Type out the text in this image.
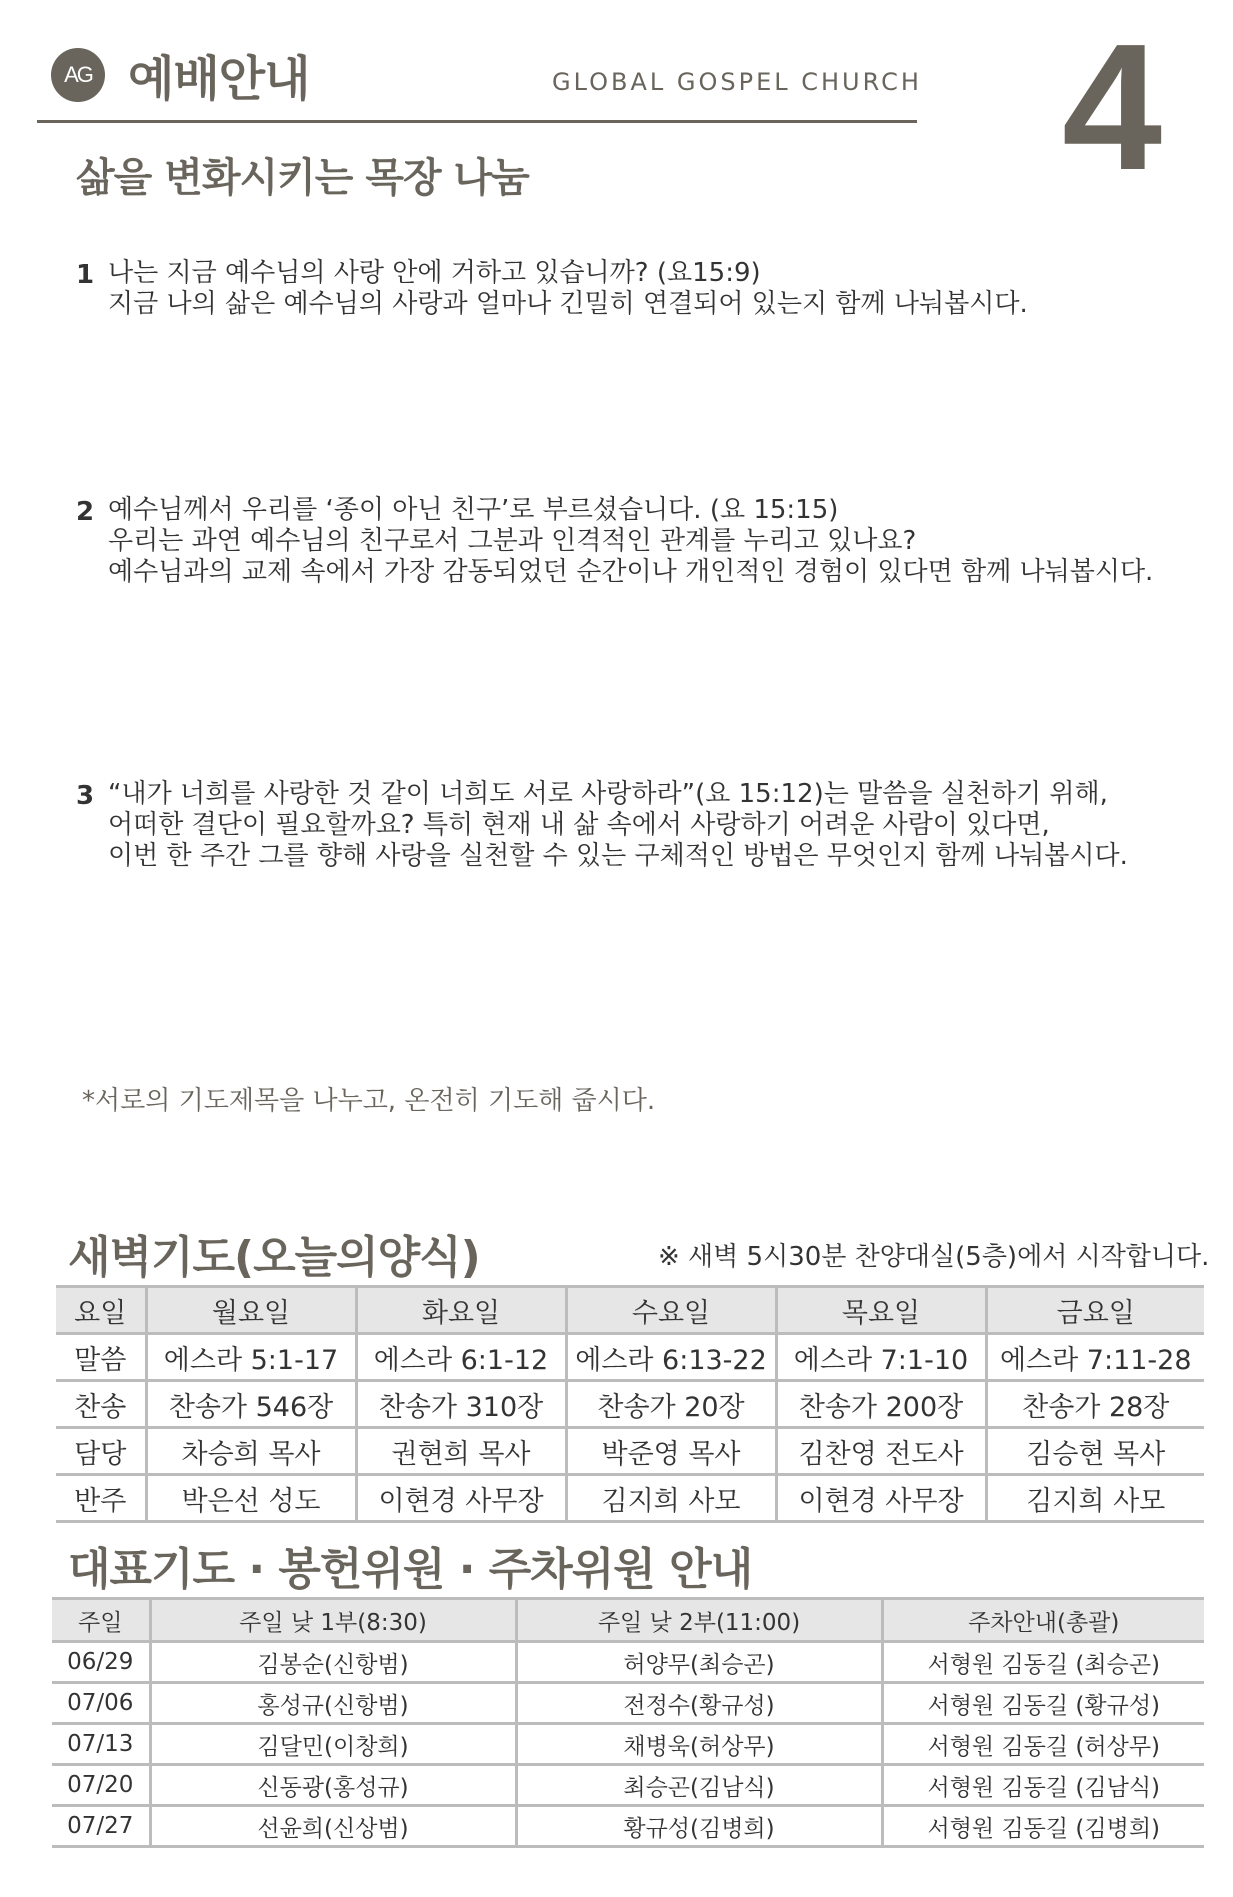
AG 예배안내	GLOBAL GOSPEL CHURCH 4
삶을 변화시키는 목장 나눔
1 나는 지금 예수님의 사랑 안에 거하고 있습니까? (요15:9)
지금 나의 삶은 예수님의 사랑과 얼마나 긴밀히 연결되어 있는지 함께 나눠봅시다.
2 예수님께서 우리를 ‘종이 아닌 친구’로 부르셨습니다. (요 15:15)
우리는 과연 예수님의 친구로서 그분과 인격적인 관계를 누리고 있나요?
예수님과의 교제 속에서 가장 감동되었던 순간이나 개인적인 경험이 있다면 함께 나눠봅시다.
3 “내가 너희를 사랑한 것 같이 너희도 서로 사랑하라”(요 15:12)는 말씀을 실천하기 위해,
어떠한 결단이 필요할까요? 특히 현재 내 삶 속에서 사랑하기 어려운 사람이 있다면,
이번 한 주간 그를 향해 사랑을 실천할 수 있는 구체적인 방법은 무엇인지 함께 나눠봅시다.
*서로의 기도제목을 나누고, 온전히 기도해 줍시다.
새벽기도(오늘의양식)	※ 새벽 5시30분 찬양대실(5층)에서 시작합니다.
요일	월요일	화요일	수요일	목요일	금요일
말씀	에스라 5:1-17	에스라 6:1-12	에스라 6:13-22	에스라 7:1-10	에스라 7:11-28
찬송	찬송가 546장	찬송가 310장	찬송가 20장	찬송가 200장	찬송가 28장
담당	차승희 목사	권현희 목사	박준영 목사	김찬영 전도사	김승현 목사
반주	박은선 성도	이현경 사무장	김지희 사모	이현경 사무장	김지희 사모
대표기도 · 봉헌위원 · 주차위원 안내
주일	주일 낮 1부(8:30)	주일 낮 2부(11:00)	주차안내(총괄)
06/29	김봉순(신항범)	허양무(최승곤)	서형원 김동길 (최승곤)
07/06	홍성규(신항범)	전정수(황규성)	서형원 김동길 (황규성)
07/13	김달민(이창희)	채병욱(허상무)	서형원 김동길 (허상무)
07/20	신동광(홍성규)	최승곤(김남식)	서형원 김동길 (김남식)
07/27	선윤희(신상범)	황규성(김병희)	서형원 김동길 (김병희)
